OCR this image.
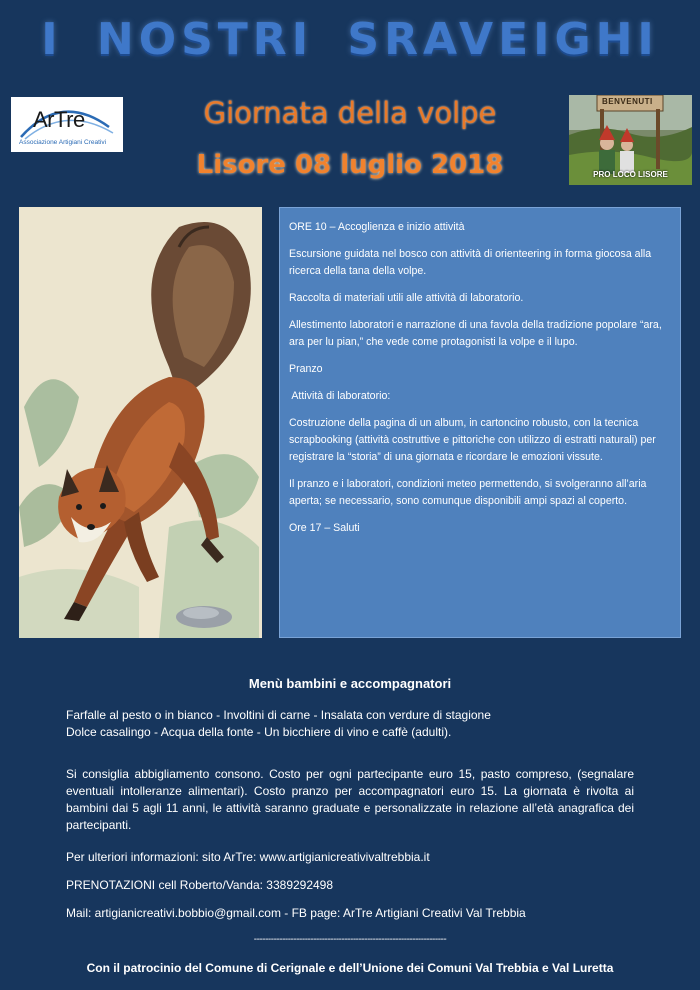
I NOSTRI SRAVEIGHI
ArTre
Associazione Artigiani Creativi
Giornata della volpe
Lisore 08 luglio 2018
BENVENUTI
PRO LOCO LISORE

ORE 10 – Accoglienza e inizio attività

Escursione guidata nel bosco con attività di orienteering in forma giocosa alla ricerca della tana della volpe.

Raccolta di materiali utili alle attività di laboratorio.

Allestimento laboratori e narrazione di una favola della tradizione popolare “ara, ara per lu pian,” che vede come protagonisti la volpe e il lupo.

Pranzo

Attività di laboratorio:

Costruzione della pagina di un album, in cartoncino robusto, con la tecnica scrapbooking (attività costruttive e pittoriche con utilizzo di estratti naturali) per registrare la “storia” di una giornata e ricordare le emozioni vissute.

Il pranzo e i laboratori, condizioni meteo permettendo, si svolgeranno all’aria aperta; se necessario, sono comunque disponibili ampi spazi al coperto.

Ore 17 – Saluti

Menù bambini e accompagnatori
Farfalle al pesto o in bianco - Involtini di carne - Insalata con verdure di stagione
Dolce casalingo - Acqua della fonte - Un bicchiere di vino e caffè (adulti).
Si consiglia abbigliamento consono. Costo per ogni partecipante euro 15, pasto compreso, (segnalare eventuali intolleranze alimentari). Costo pranzo per accompagnatori euro 15. La giornata è rivolta ai bambini dai 5 agli 11 anni, le attività saranno graduate e personalizzate in relazione all’età anagrafica dei partecipanti.
Per ulteriori informazioni: sito ArTre: www.artigianicreativivaltrebbia.it
PRENOTAZIONI cell Roberto/Vanda: 3389292498
Mail: artigianicreativi.bobbio@gmail.com - FB page: ArTre Artigiani Creativi Val Trebbia
--------------------------------------------------------------------
Con il patrocinio del Comune di Cerignale e dell’Unione dei Comuni Val Trebbia e Val Luretta
